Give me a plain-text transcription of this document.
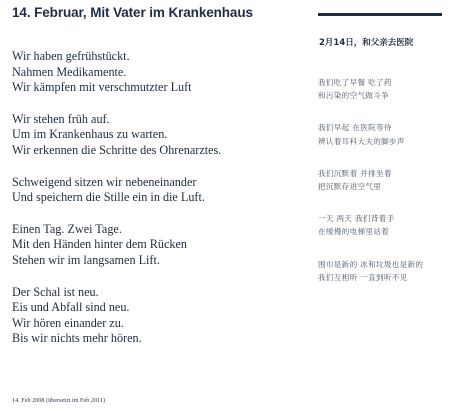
14. Februar, Mit Vater im Krankenhaus
2月14日，和父亲去医院
Wir haben gefrühstückt.
Nahmen Medikamente.
Wir kämpfen mit verschmutzter Luft
Wir stehen früh auf.
Um im Krankenhaus zu warten.
Wir erkennen die Schritte des Ohrenarztes.
Schweigend sitzen wir nebeneinander
Und speichern die Stille ein in die Luft.
Einen Tag. Zwei Tage.
Mit den Händen hinter dem Rücken
Stehen wir im langsamen Lift.
Der Schal ist neu.
Eis und Abfall sind neu.
Wir hören einander zu.
Bis wir nichts mehr hören.
我们吃了早餐 吃了药
和污染的空气做斗争
我们早起 在医院等待
辨认着耳科大夫的脚步声
我们沉默着 并排坐着
把沉默存进空气里
一天 两天 我们背着手
在缓慢的电梯里站着
围巾是新的 冰和垃圾也是新的
我们互相听 一直到听不见
14. Feb 2008 (übersetzt im Feb 2011)
